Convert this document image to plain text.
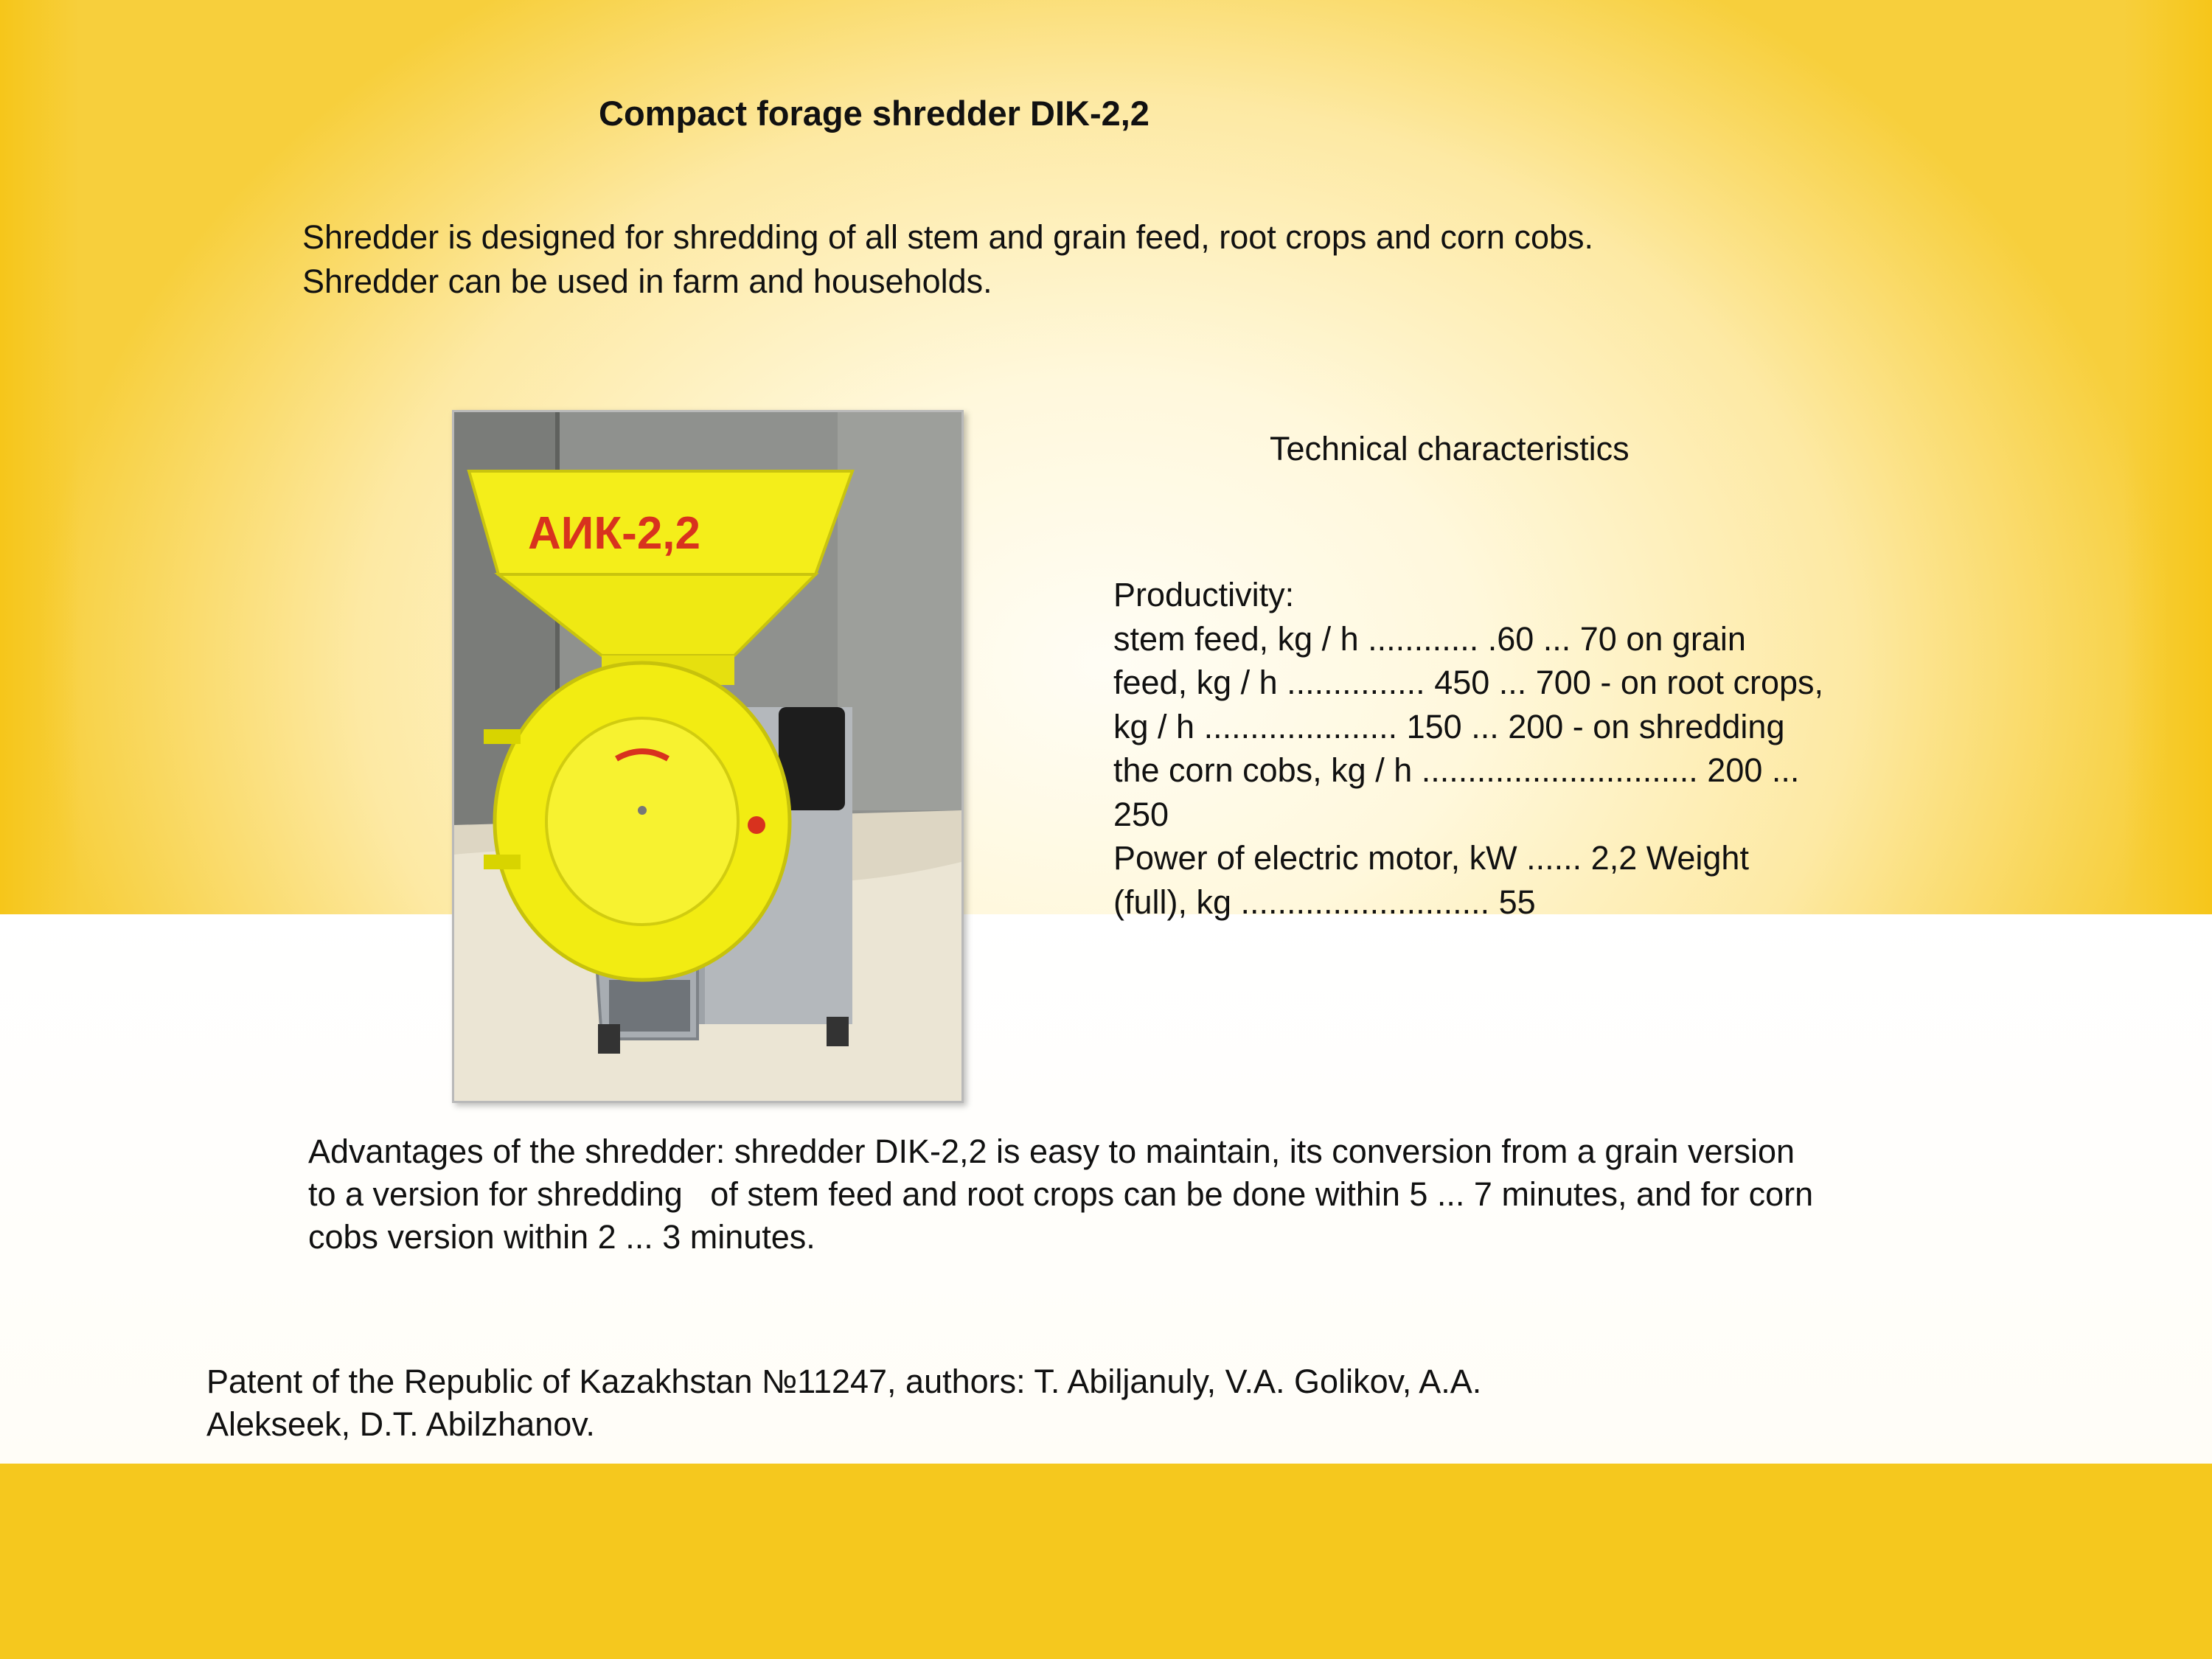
Compact forage shredder DIK-2,2
Shredder is designed for shredding of all stem and grain feed, root crops and corn cobs.
Shredder can be used in farm and households.
АИК-2,2
Technical characteristics
Productivity:
stem feed, kg / h ............ .60 ... 70 on grain
feed, kg / h ............... 450 ... 700 - on root crops,
kg / h ..................... 150 ... 200 - on shredding
the corn cobs, kg / h .............................. 200 ...
250
Power of electric motor, kW ...... 2,2 Weight
(full), kg ........................... 55
Advantages of the shredder: shredder DIK-2,2 is easy to maintain, its conversion from a grain version
to a version for shredding   of stem feed and root crops can be done within 5 ... 7 minutes, and for corn
cobs version within 2 ... 3 minutes.
Patent of the Republic of Kazakhstan №11247, authors: T. Abiljanuly, V.A. Golikov, A.A.
Alekseek, D.T. Abilzhanov.
